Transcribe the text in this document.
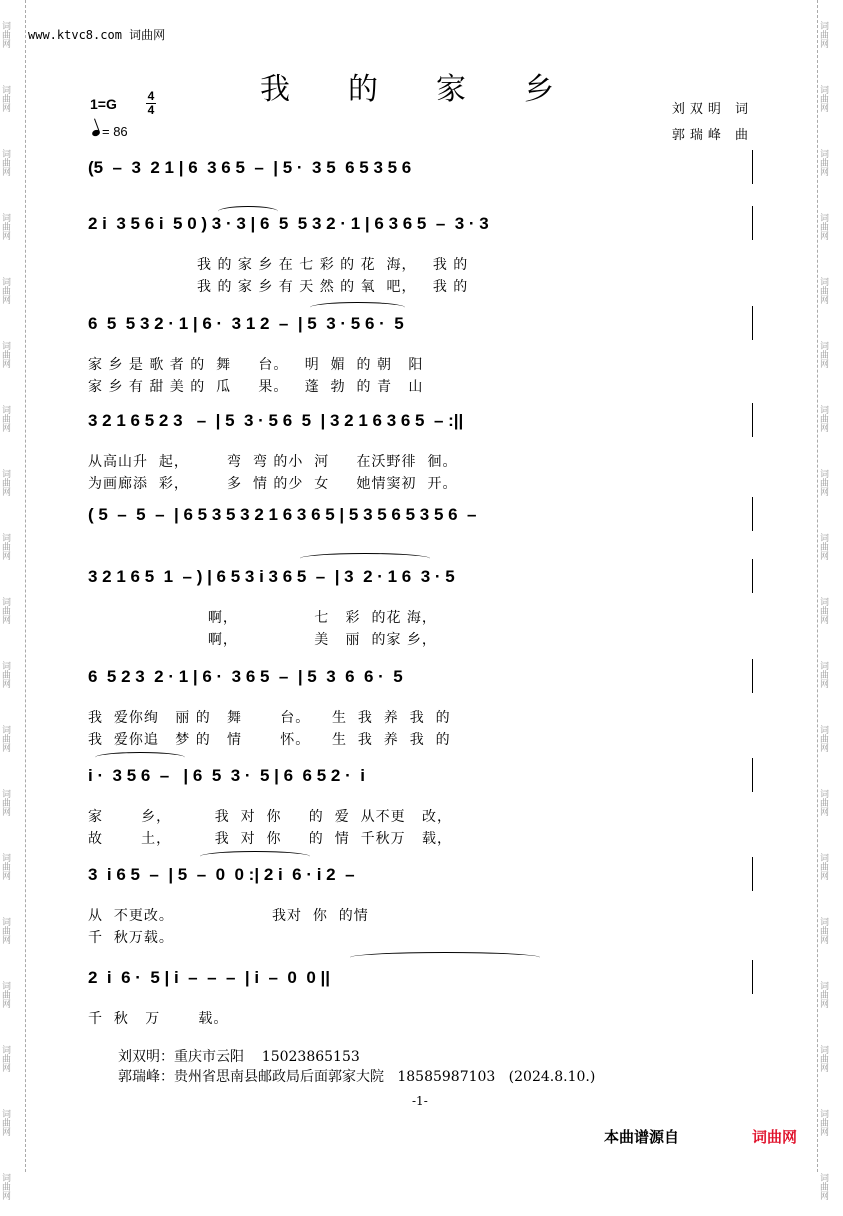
词曲网
词曲网
词曲网
词曲网
词曲网
词曲网
词曲网
词曲网
词曲网
词曲网
词曲网
词曲网
词曲网
词曲网
词曲网
词曲网
词曲网
词曲网
词曲网
词曲网
词曲网
词曲网
词曲网
词曲网
词曲网
词曲网
词曲网
词曲网
词曲网
词曲网
词曲网
词曲网
词曲网
词曲网
词曲网
词曲网
词曲网
词曲网
www.ktvc8.com 词曲网
我的家乡
1=G	4
4
= 86
刘双明 词
郭瑞峰 曲
(5  –  3  2 1 | 6  3 6 5  –  | 5 ·  3 5  6 5 3 5 6
2 i  3 5 6 i  5 0 ) 3 · 3 | 6  5  5 3 2 · 1 | 6 3 6 5  –  3 · 3
我 的 家 乡 在 七 彩 的 花  海，   我 的
我 的 家 乡 有 天 然 的 氧  吧，   我 的
6  5  5 3 2 · 1 | 6 ·  3 1 2  –  | 5  3 · 5 6 ·  5
家 乡 是 歌 者 的  舞     台。   明  媚  的 朝   阳
家 乡 有 甜 美 的  瓜     果。   蓬  勃  的 青   山
3 2 1 6 5 2 3   –  | 5  3 · 5 6  5  | 3 2 1 6 3 6 5  – :||
从高山升  起，       弯  弯 的小  河     在沃野徘  徊。
为画廊添  彩，       多  情 的少  女     她情窦初  开。
( 5  –  5  –  | 6 5 3 5 3 2 1 6 3 6 5 | 5 3 5 6 5 3 5 6  –
3 2 1 6 5  1  – ) | 6 5 3 i 3 6 5  –  | 3  2 · 1 6  3 · 5
啊，              七   彩  的花 海，
啊，              美   丽  的家 乡，
6  5 2 3  2 · 1 | 6 ·  3 6 5  –  | 5  3  6  6 ·  5
我  爱你绚   丽 的   舞       台。    生  我  养  我  的
我  爱你追   梦 的   情       怀。    生  我  养  我  的
i ·  3 5 6  –   | 6  5  3 ·  5 | 6  6 5 2 ·  i
家       乡，        我  对  你     的  爱  从不更   改，
故       土，        我  对  你     的  情  千秋万   载，
3  i 6 5  –  | 5  –  0  0 :| 2 i  6 · i 2  –
从  不更改。                  我对  你  的情
千  秋万载。
2  i  6 ·  5 | i  –  –  –  | i  –  0  0 ||
千  秋   万       载。
刘双明：重庆市云阳    15023865153
郭瑞峰：贵州省思南县邮政局后面郭家大院   18585987103   (2024.8.10.)
-1-
本曲谱源自	词曲网
